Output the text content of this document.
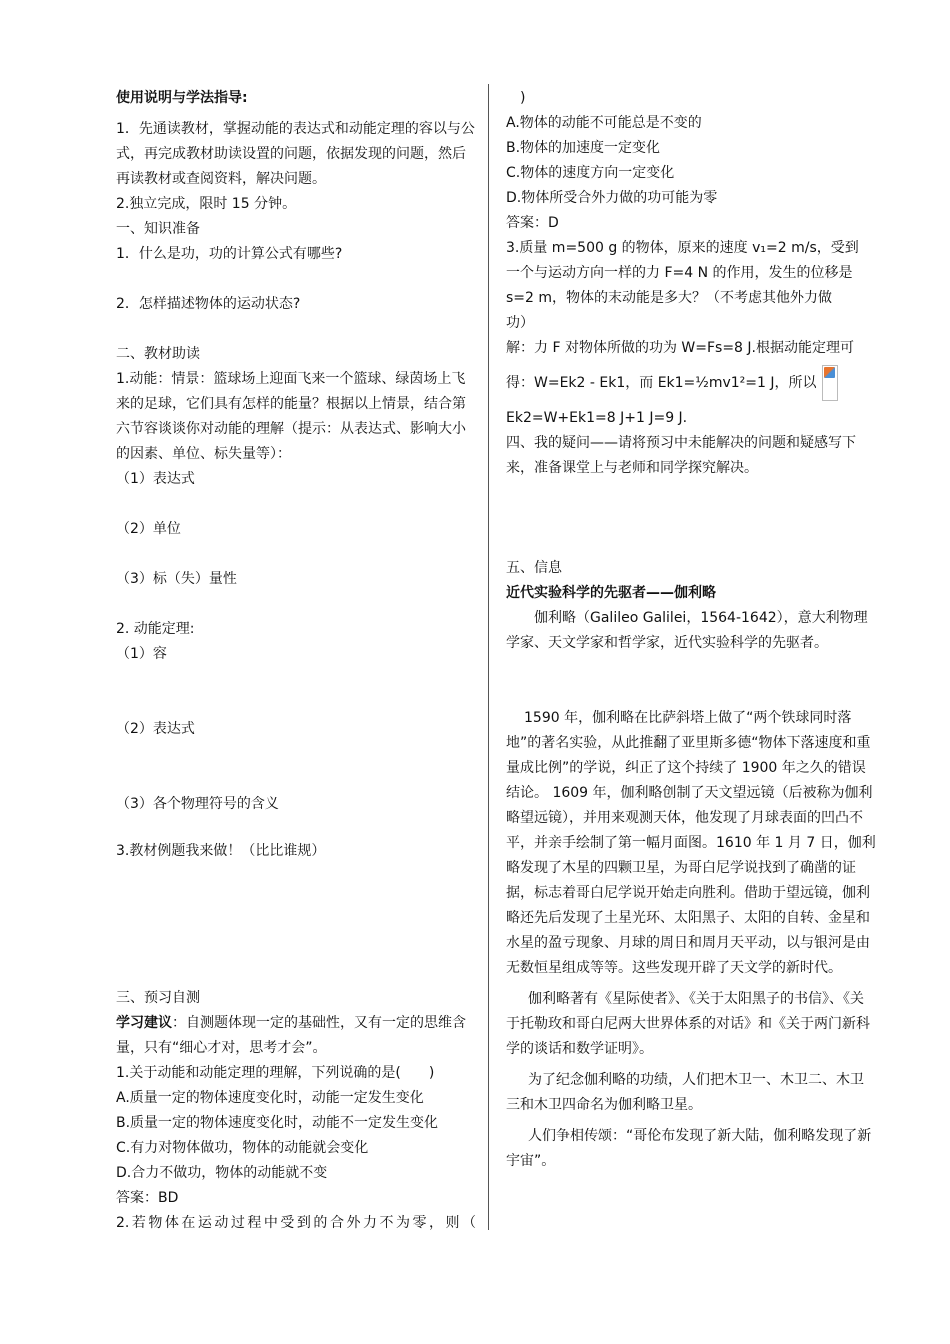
使用说明与学法指导:
1．先通读教材，掌握动能的表达式和动能定理的容以与公式，再完成教材助读设置的问题，依据发现的问题，然后再读教材或查阅资料，解决问题。
2.独立完成，限时 15 分钟。
一、知识准备
1．什么是功，功的计算公式有哪些?
2．怎样描述物体的运动状态?
二、教材助读
1.动能：情景：篮球场上迎面飞来一个篮球、绿茵场上飞来的足球，它们具有怎样的能量？根据以上情景，结合第六节容谈谈你对动能的理解（提示：从表达式、影响大小的因素、单位、标失量等）：
（1）表达式
（2）单位
（3）标（失）量性
2. 动能定理:
（1）容
（2）表达式
（3）各个物理符号的含义
3.教材例题我来做！（比比谁规）
三、预习自测
学习建议：自测题体现一定的基础性，又有一定的思维含量，只有“细心才对，思考才会”。
1.关于动能和动能定理的理解，下列说确的是(　　)
A.质量一定的物体速度变化时，动能一定发生变化
B.质量一定的物体速度变化时，动能不一定发生变化
C.有力对物体做功，物体的动能就会变化
D.合力不做功，物体的动能就不变
答案：BD
2.若物体在运动过程中受到的合外力不为零，则（
　)
A.物体的动能不可能总是不变的
B.物体的加速度一定变化
C.物体的速度方向一定变化
D.物体所受合外力做的功可能为零
答案：D
3.质量 m=500 g 的物体，原来的速度 v₁=2 m/s，受到
一个与运动方向一样的力 F=4 N 的作用，发生的位移是
s=2 m，物体的末动能是多大？（不考虑其他外力做
功）
解：力 F 对物体所做的功为 W=Fs=8 J.根据动能定理可
得：W=Ek2 - Ek1，而 Ek1=½mv1²=1 J，所以
Ek2=W+Ek1=8 J+1 J=9 J.
四、我的疑问——请将预习中未能解决的问题和疑感写下来，准备课堂上与老师和同学探究解决。
五、信息
近代实验科学的先驱者——伽利略
伽利略（Galileo Galilei，1564-1642），意大利物理学家、天文学家和哲学家，近代实验科学的先驱者。
1590 年，伽利略在比萨斜塔上做了“两个铁球同时落地”的著名实验，从此推翻了亚里斯多德“物体下落速度和重量成比例”的学说，纠正了这个持续了 1900 年之久的错误结论。 1609 年，伽利略创制了天文望远镜（后被称为伽利略望远镜），并用来观测天体，他发现了月球表面的凹凸不平，并亲手绘制了第一幅月面图。1610 年 1 月 7 日，伽利略发现了木星的四颗卫星，为哥白尼学说找到了确凿的证据，标志着哥白尼学说开始走向胜利。借助于望远镜，伽利略还先后发现了土星光环、太阳黑子、太阳的自转、金星和水星的盈亏现象、月球的周日和周月天平动，以与银河是由无数恒星组成等等。这些发现开辟了天文学的新时代。
伽利略著有《星际使者》、《关于太阳黑子的书信》、《关于托勒玫和哥白尼两大世界体系的对话》和《关于两门新科学的谈话和数学证明》。
为了纪念伽利略的功绩，人们把木卫一、木卫二、木卫三和木卫四命名为伽利略卫星。
人们争相传颂：“哥伦布发现了新大陆，伽利略发现了新宇宙”。
